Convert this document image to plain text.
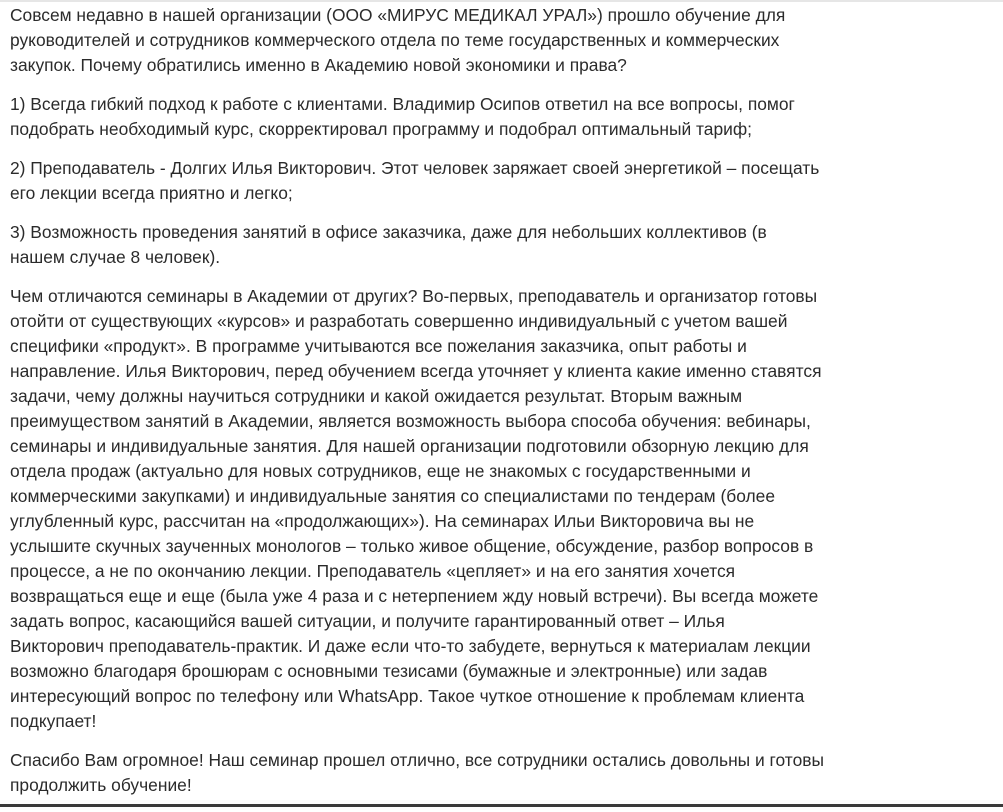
Совсем недавно в нашей организации (ООО «МИРУС МЕДИКАЛ УРАЛ») прошло обучение для
руководителей и сотрудников коммерческого отдела по теме государственных и коммерческих
закупок. Почему обратились именно в Академию новой экономики и права?

1) Всегда гибкий подход к работе с клиентами. Владимир Осипов ответил на все вопросы, помог
подобрать необходимый курс, скорректировал программу и подобрал оптимальный тариф;

2) Преподаватель - Долгих Илья Викторович. Этот человек заряжает своей энергетикой – посещать
его лекции всегда приятно и легко;

3) Возможность проведения занятий в офисе заказчика, даже для небольших коллективов (в
нашем случае 8 человек).

Чем отличаются семинары в Академии от других? Во-первых, преподаватель и организатор готовы
отойти от существующих «курсов» и разработать совершенно индивидуальный с учетом вашей
специфики «продукт». В программе учитываются все пожелания заказчика, опыт работы и
направление. Илья Викторович, перед обучением всегда уточняет у клиента какие именно ставятся
задачи, чему должны научиться сотрудники и какой ожидается результат. Вторым важным
преимуществом занятий в Академии, является возможность выбора способа обучения: вебинары,
семинары и индивидуальные занятия. Для нашей организации подготовили обзорную лекцию для
отдела продаж (актуально для новых сотрудников, еще не знакомых с государственными и
коммерческими закупками) и индивидуальные занятия со специалистами по тендерам (более
углубленный курс, рассчитан на «продолжающих»). На семинарах Ильи Викторовича вы не
услышите скучных заученных монологов – только живое общение, обсуждение, разбор вопросов в
процессе, а не по окончанию лекции. Преподаватель «цепляет» и на его занятия хочется
возвращаться еще и еще (была уже 4 раза и с нетерпением жду новый встречи). Вы всегда можете
задать вопрос, касающийся вашей ситуации, и получите гарантированный ответ – Илья
Викторович преподаватель-практик. И даже если что-то забудете, вернуться к материалам лекции
возможно благодаря брошюрам с основными тезисами (бумажные и электронные) или задав
интересующий вопрос по телефону или WhatsApp. Такое чуткое отношение к проблемам клиента
подкупает!

Спасибо Вам огромное! Наш семинар прошел отлично, все сотрудники остались довольны и готовы
продолжить обучение!
